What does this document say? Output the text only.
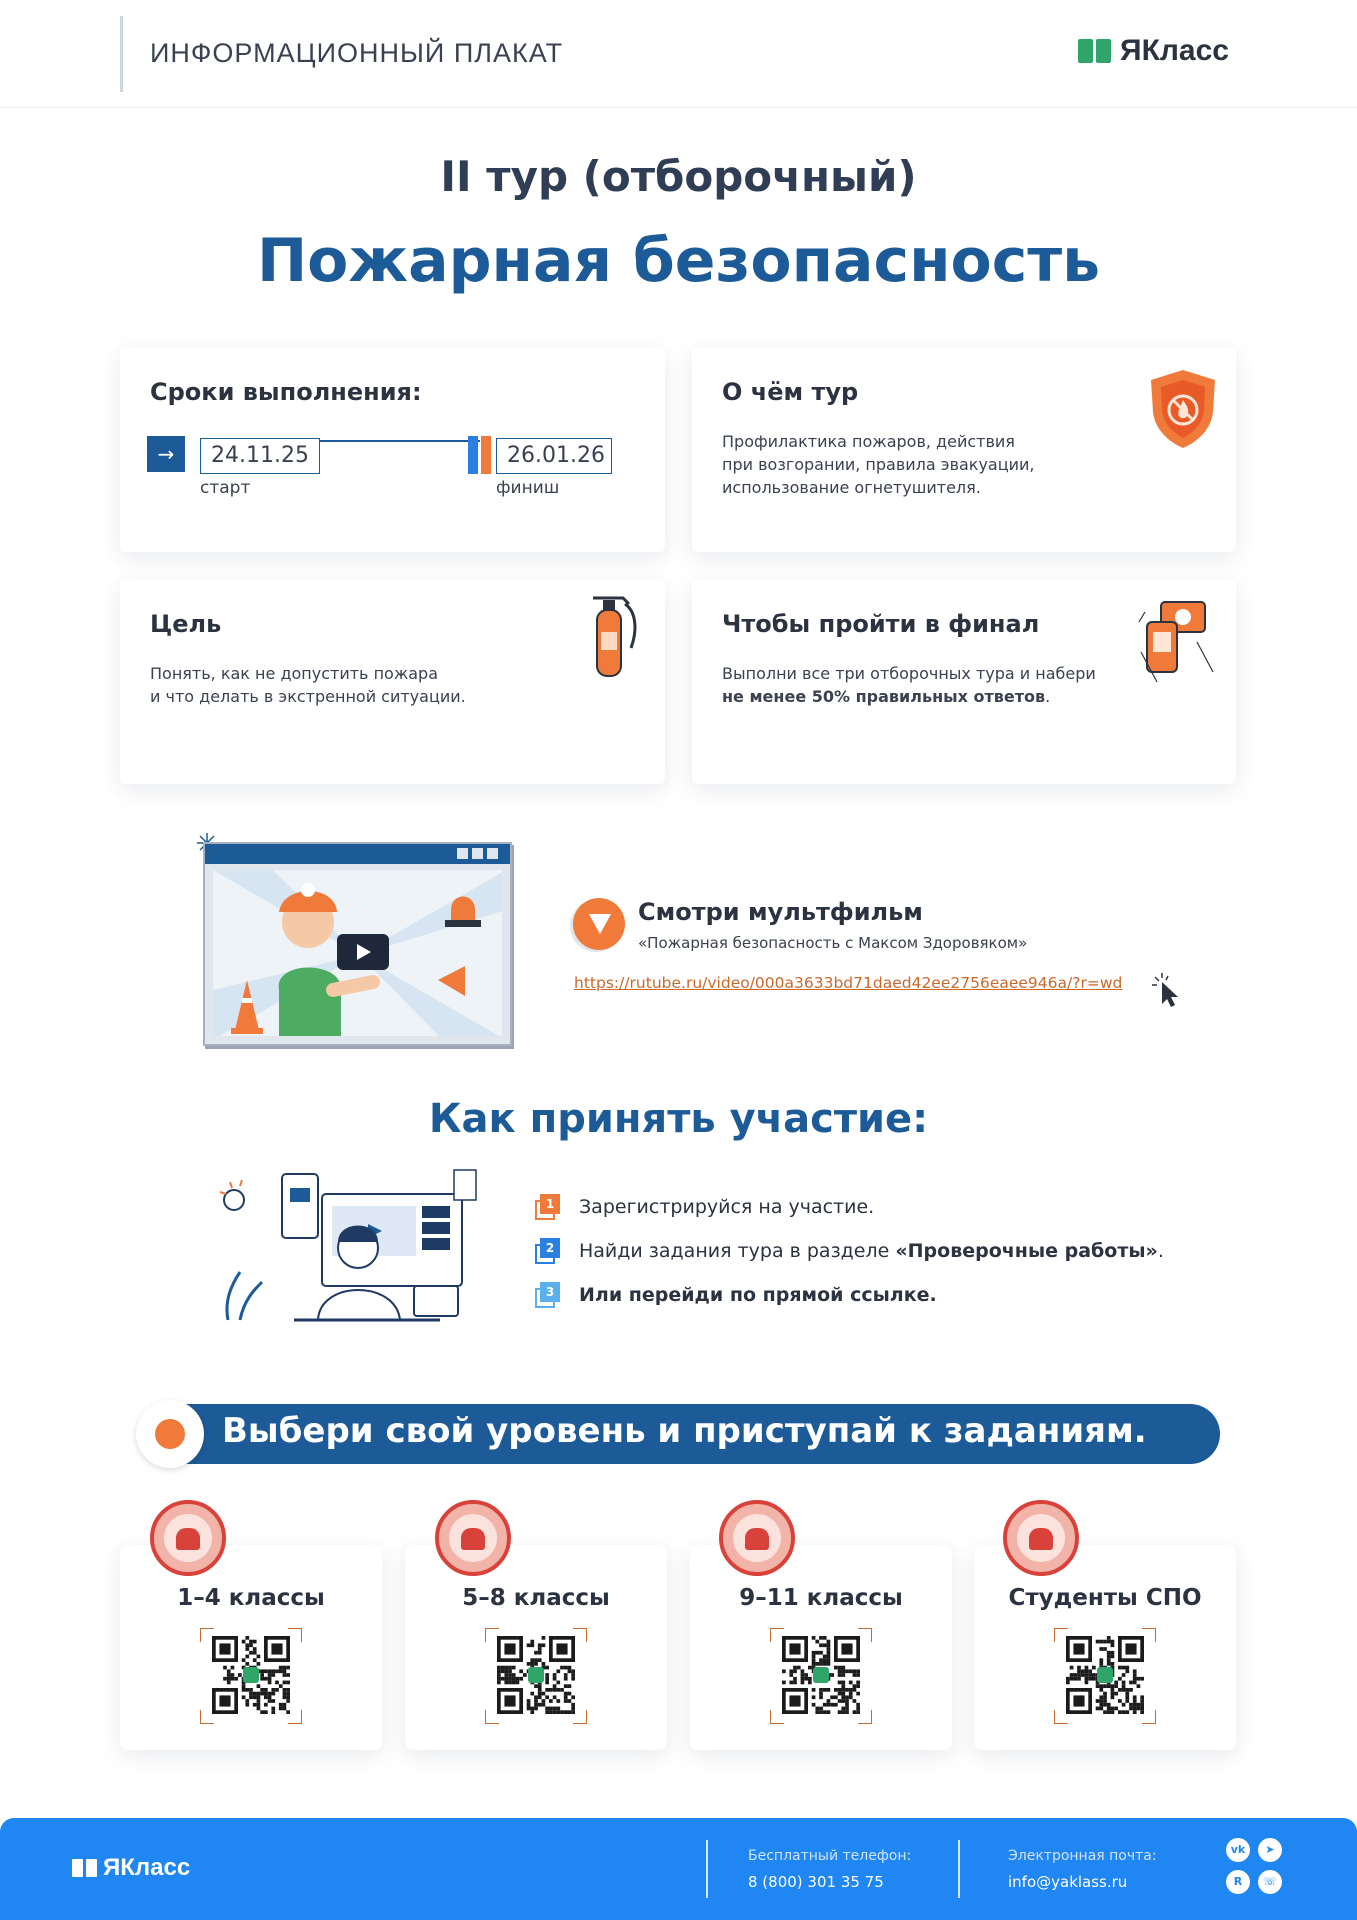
ИНФОРМАЦИОННЫЙ ПЛАКАТ	ЯКласс
II тур (отборочный)
Пожарная безопасность
Сроки выполнения:
→	24.11.25	26.01.26
старт	финиш
О чём тур

Профилактика пожаров, действия

при возгорании, правила эвакуации,

использование огнетушителя.

Цель

Понять, как не допустить пожара

и что делать в экстренной ситуации.

Чтобы пройти в финал

Выполни все три отборочных тура и набери

не менее 50% правильных ответов.

Смотри мультфильм
«Пожарная безопасность с Максом Здоровяком»
https://rutube.ru/video/000a3633bd71daed42ee2756eaee946a/?r=wd
Как принять участие:
1	Зарегистрируйся на участие.
2	Найди задания тура в разделе «Проверочные работы».
3	Или перейди по прямой ссылке.
Выбери свой уровень и приступай к заданиям.
1–4 классы	5–8 классы	9–11 классы	Студенты СПО
ЯКласс	Бесплатный телефон:
8 (800) 301 35 75
Электронная почта:
info@yaklass.ru
vk	➤
R	☏
